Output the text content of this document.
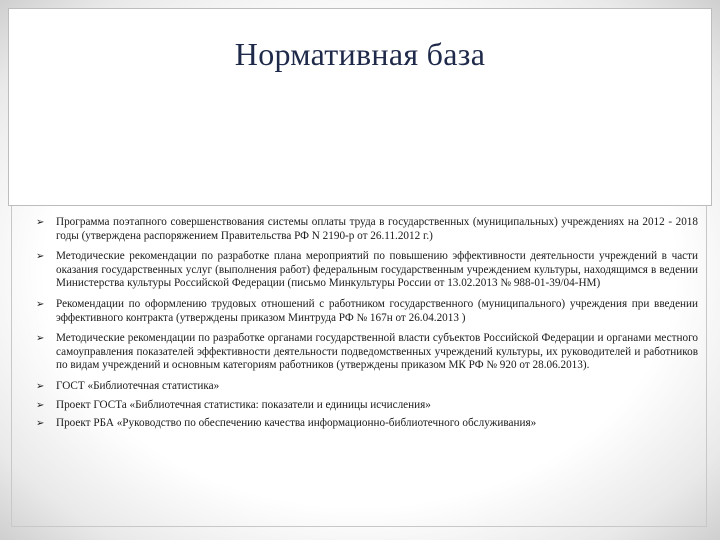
Нормативная база
➢	Программа поэтапного совершенствования системы оплаты труда в государственных (муниципальных) учреждениях на 2012 - 2018 годы (утверждена распоряжением Правительства РФ N 2190-р от 26.11.2012 г.)
➢	Методические рекомендации по разработке плана мероприятий по повышению эффективности деятельности учреждений в части оказания государственных услуг (выполнения работ) федеральным государственным учреждением культуры, находящимся в ведении Министерства культуры Российской Федерации (письмо Минкультуры России от 13.02.2013 № 988-01-39/04-НМ)
➢	Рекомендации по оформлению трудовых отношений с работником государственного (муниципального) учреждения при введении эффективного контракта (утверждены приказом Минтруда РФ № 167н от 26.04.2013 )
➢	Методические рекомендации по разработке органами государственной власти субъектов Российской Федерации и органами местного самоуправления показателей эффективности деятельности подведомственных учреждений культуры, их руководителей и работников по видам учреждений и основным категориям работников (утверждены приказом МК РФ № 920 от 28.06.2013).
➢	ГОСТ «Библиотечная статистика»
➢	Проект ГОСТа «Библиотечная статистика: показатели и единицы исчисления»
➢	Проект РБА «Руководство по обеспечению качества информационно-библиотечного обслуживания»
